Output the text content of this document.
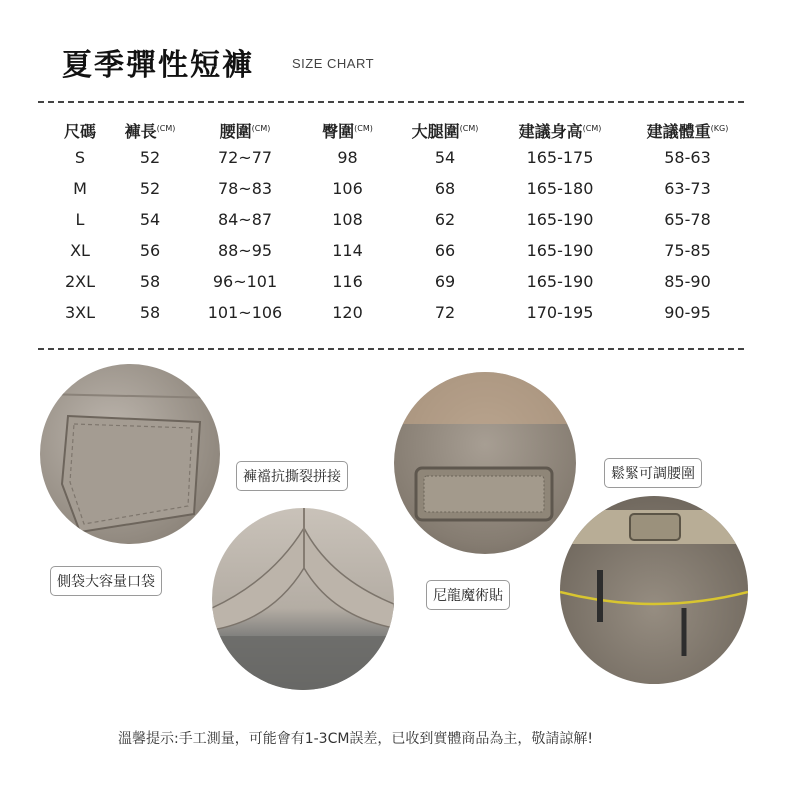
夏季彈性短褲	SIZE CHART
尺碼	褲長$^{(CM)}$	腰圍$^{(CM)}$	臀圍$^{(CM)}$	大腿圍$^{(CM)}$	建議身高$^{(CM)}$	建議體重$^{(KG)}$
S	52	72~77	98	54	165-175	58-63
M	52	78~83	106	68	165-180	63-73
L	54	84~87	108	62	165-190	65-78
XL	56	88~95	114	66	165-190	75-85
2XL	58	96~101	116	69	165-190	85-90
3XL	58	101~106	120	72	170-195	90-95
褲襠抗撕裂拼接
側袋大容量口袋
尼龍魔術貼
鬆緊可調腰圍
溫馨提示:手工測量，可能會有1-3CM誤差，已收到實體商品為主，敬請諒解!
